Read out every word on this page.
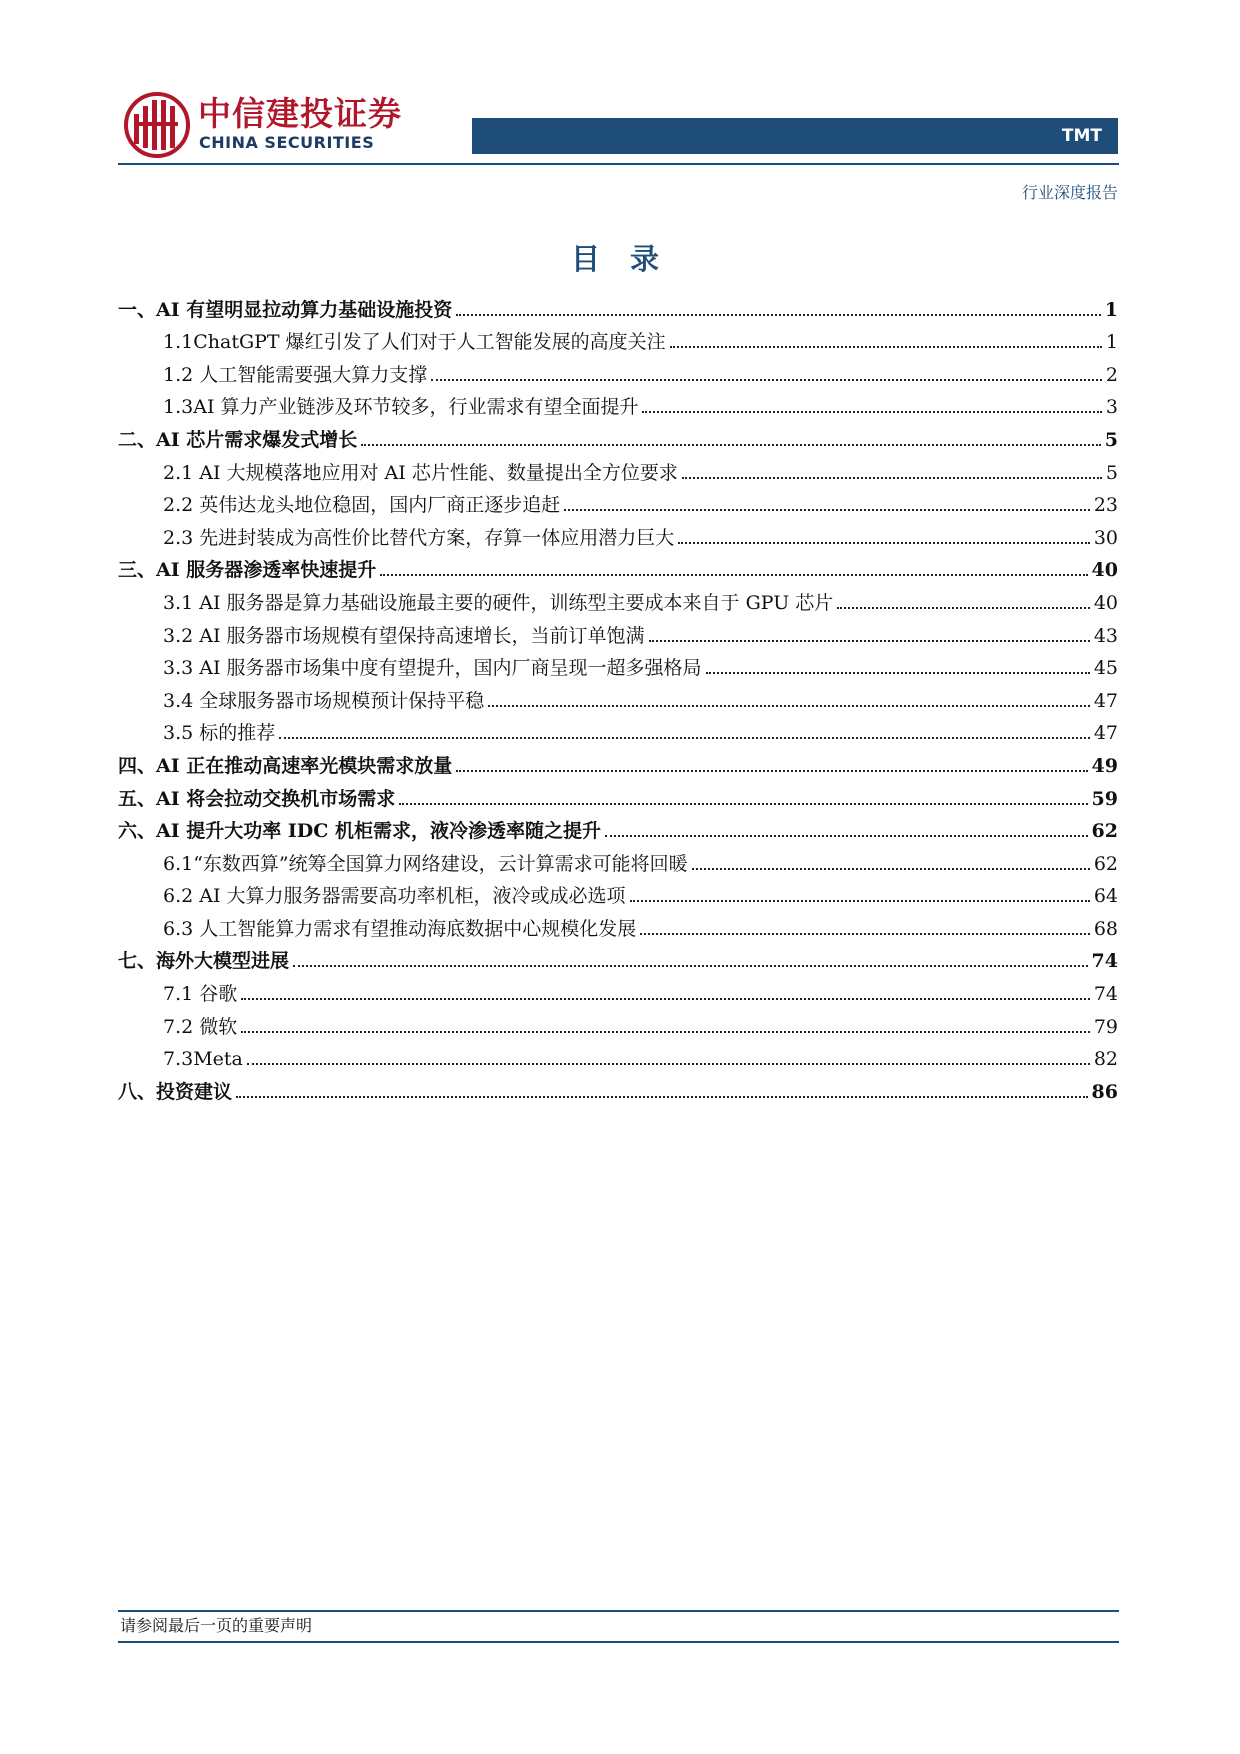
中信建投证券
CHINA SECURITIES	TMT
行业深度报告
目 录
一、AI 有望明显拉动算力基础设施投资	1
1.1ChatGPT 爆红引发了人们对于人工智能发展的高度关注	1
1.2 人工智能需要强大算力支撑	2
1.3AI 算力产业链涉及环节较多，行业需求有望全面提升	3
二、AI 芯片需求爆发式增长	5
2.1 AI 大规模落地应用对 AI 芯片性能、数量提出全方位要求	5
2.2 英伟达龙头地位稳固，国内厂商正逐步追赶	23
2.3 先进封装成为高性价比替代方案，存算一体应用潜力巨大	30
三、AI 服务器渗透率快速提升	40
3.1 AI 服务器是算力基础设施最主要的硬件，训练型主要成本来自于 GPU 芯片	40
3.2 AI 服务器市场规模有望保持高速增长，当前订单饱满	43
3.3 AI 服务器市场集中度有望提升，国内厂商呈现一超多强格局	45
3.4 全球服务器市场规模预计保持平稳	47
3.5 标的推荐	47
四、AI 正在推动高速率光模块需求放量	49
五、AI 将会拉动交换机市场需求	59
六、AI 提升大功率 IDC 机柜需求，液冷渗透率随之提升	62
6.1“东数西算”统筹全国算力网络建设，云计算需求可能将回暖	62
6.2 AI 大算力服务器需要高功率机柜，液冷或成必选项	64
6.3 人工智能算力需求有望推动海底数据中心规模化发展	68
七、海外大模型进展	74
7.1 谷歌	74
7.2 微软	79
7.3Meta	82
八、投资建议	86
请参阅最后一页的重要声明
